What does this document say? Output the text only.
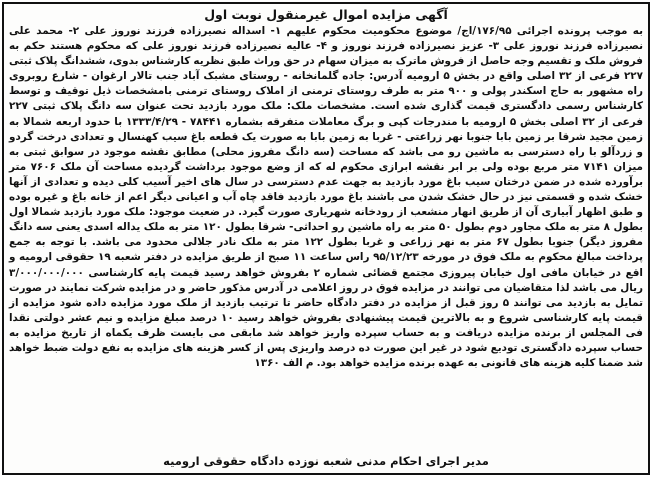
آگهی مزایده اموال غیرمنقول نوبت اول

به موجب پرونده اجرائی ۱۷۶/۹۵/اج/ موضوع محکومیت محکوم علیهم ۱- اسداله نصیرزاده فرزند نوروز علی ۲- محمد علی نصیرزاده فرزند نوروز علی ۳- عزیز نصیرزاده فرزند نوروز و ۴- عالیه نصیرزاده فرزند نوروز علی که محکوم هستند حکم به فروش ملک و تقسیم وجه حاصل از فروش ماترک به میزان سهام در حق وراث طبق نظریه کارشناس بدوی، ششدانگ پلاک ثبتی ۲۲۷ فرعی از ۳۲ اصلی واقع در بخش ۵ ارومیه آدرس: جاده گلمانخانه - روستای مشبک آباد جنب تالار ارغوان - شارع روبروی راه مشهور به حاج اسکندر پولی و ۹۰۰ متر به طرف روستای ترمنی از املاک روستای ترمنی بامشخصات ذیل توقیف و توسط کارشناس رسمی دادگستری قیمت گذاری شده است. مشخصات ملک: ملک مورد بازدید تحت عنوان سه دانگ پلاک ثبتی ۲۲۷ فرعی از ۳۲ اصلی بخش ۵ ارومیه با مندرجات کپی و برگ معاملات متفرقه بشماره ۷۸۴۴۱ - ۱۳۳۳/۴/۲۹ با حدود اربعه شمالا به زمین مجید شرقا بر زمین بابا جنوبا نهر زراعتی - غربا به زمین بابا به صورت یک قطعه باغ سیب کهنسال و تعدادی درخت گردو و زردآلو با راه دسترسی به ماشین رو می باشد که مساحت (سه دانگ مفروز محلی) مطابق نقشه موجود در سوابق ثبتی به میزان ۷۱۴۱ متر مربع بوده ولی بر ابر نقشه ابرازی محکوم له که از وضع موجود برداشت گردیده مساحت آن ملک ۷۶۰۶ متر برآورده شده در ضمن درختان سیب باغ مورد بازدید به جهت عدم دسترسی در سال های اخیر آسیب کلی دیده و تعدادی از آنها خشک شده و قسمتی نیز در حال خشک شدن می باشند باغ مورد بازدید فاقد چاه آب و اعیانی دیگر اعم از خانه باغ و غیره بوده و طبق اظهار آبیاری آن از طریق انهار منشعب از رودخانه شهریاری صورت گیرد. در ضعیت موجود: ملک مورد بازدید شمالا اول بطول ۸ متر به ملک مجاور دوم بطول ۵۰ متر به راه ماشین رو احداثی- شرقا بطول ۱۲۰ متر به ملک یداله اسدی یعنی سه دانگ مفروز دیگر) جنوبا بطول ۶۷ متر به نهر زراعی و غربا بطول ۱۲۲ متر به ملک نادر جلالی محدود می باشد. با توجه به جمع پرداخت مبالغ محکوم به ملک فوق در مورخه ۹۵/۱۲/۲۳ راس ساعت ۱۱ صبح از طریق مزایده در دفتر شعبه ۱۹ حقوقی ارومیه و اقع در خیابان مافی اول خیابان پیروزی مجتمع قضائی شماره ۲ بفروش خواهد رسید قیمت پایه کارشناسی ۳/۰۰۰/۰۰۰/۰۰۰ ریال می باشد لذا متقاضیان می توانند در مزایده فوق در روز اعلامی در آدرس مذکور حاضر و در مزایده شرکت نمایند در صورت تمایل به بازدید می توانند ۵ روز قبل از مزایده در دفتر دادگاه حاضر تا ترتیب بازدید از ملک مورد مزایده داده شود مزایده از قیمت پایه کارشناسی شروع و به بالاترین قیمت پیشنهادی بفروش خواهد رسید ۱۰ درصد مبلغ مزایده و نیم عشر دولتی نقدا فی المجلس از برنده مزایده دریافت و به حساب سپرده واریز خواهد شد مابقی می بایست ظرف یکماه از تاریخ مزایده به حساب سپرده دادگستری تودیع شود در غیر این صورت ده درصد واریزی پس از کسر هزینه های مزایده به نفع دولت ضبط خواهد شد ضمنا کلیه هزینه های قانونی به عهده برنده مزایده خواهد بود. م الف ۱۳۶۰

مدیر اجرای احکام مدنی شعبه نوزده دادگاه حقوقی ارومیه
